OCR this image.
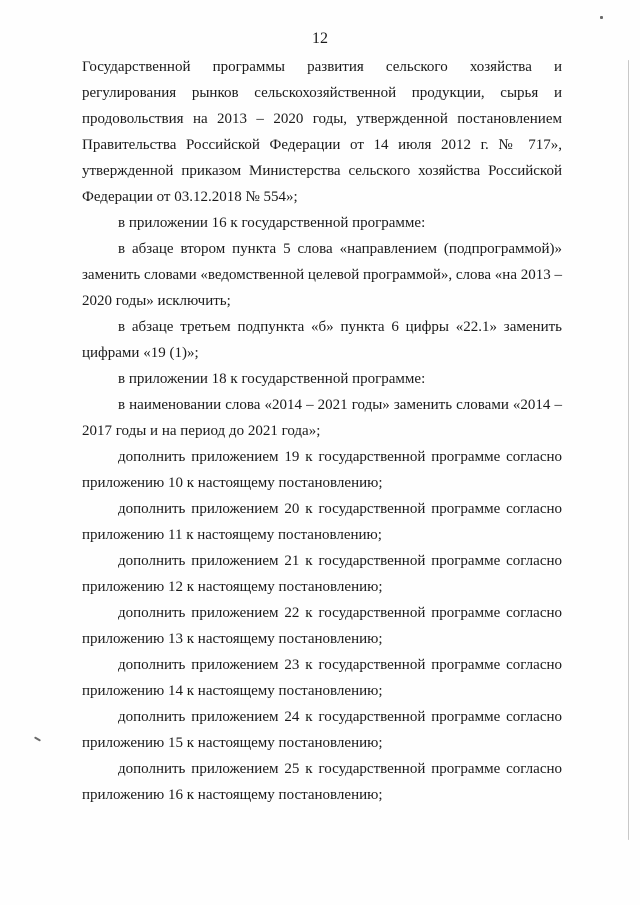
12
Государственной программы развития сельского хозяйства и
регулирования рынков сельскохозяйственной продукции, сырья и
продовольствия на 2013 – 2020 годы, утвержденной постановлением
Правительства Российской Федерации от 14 июля 2012 г. № 717»,
утвержденной приказом Министерства сельского хозяйства Российской
Федерации от 03.12.2018 № 554»;
в приложении 16 к государственной программе:
в абзаце втором пункта 5 слова «направлением (подпрограммой)»
заменить словами «ведомственной целевой программой», слова «на 2013 –
2020 годы» исключить;
в абзаце третьем подпункта «б» пункта 6 цифры «22.1» заменить
цифрами «19 (1)»;
в приложении 18 к государственной программе:
в наименовании слова «2014 – 2021 годы» заменить словами «2014 –
2017 годы и на период до 2021 года»;
дополнить приложением 19 к государственной программе согласно
приложению 10 к настоящему постановлению;
дополнить приложением 20 к государственной программе согласно
приложению 11 к настоящему постановлению;
дополнить приложением 21 к государственной программе согласно
приложению 12 к настоящему постановлению;
дополнить приложением 22 к государственной программе согласно
приложению 13 к настоящему постановлению;
дополнить приложением 23 к государственной программе согласно
приложению 14 к настоящему постановлению;
дополнить приложением 24 к государственной программе согласно
приложению 15 к настоящему постановлению;
дополнить приложением 25 к государственной программе согласно
приложению 16 к настоящему постановлению;
